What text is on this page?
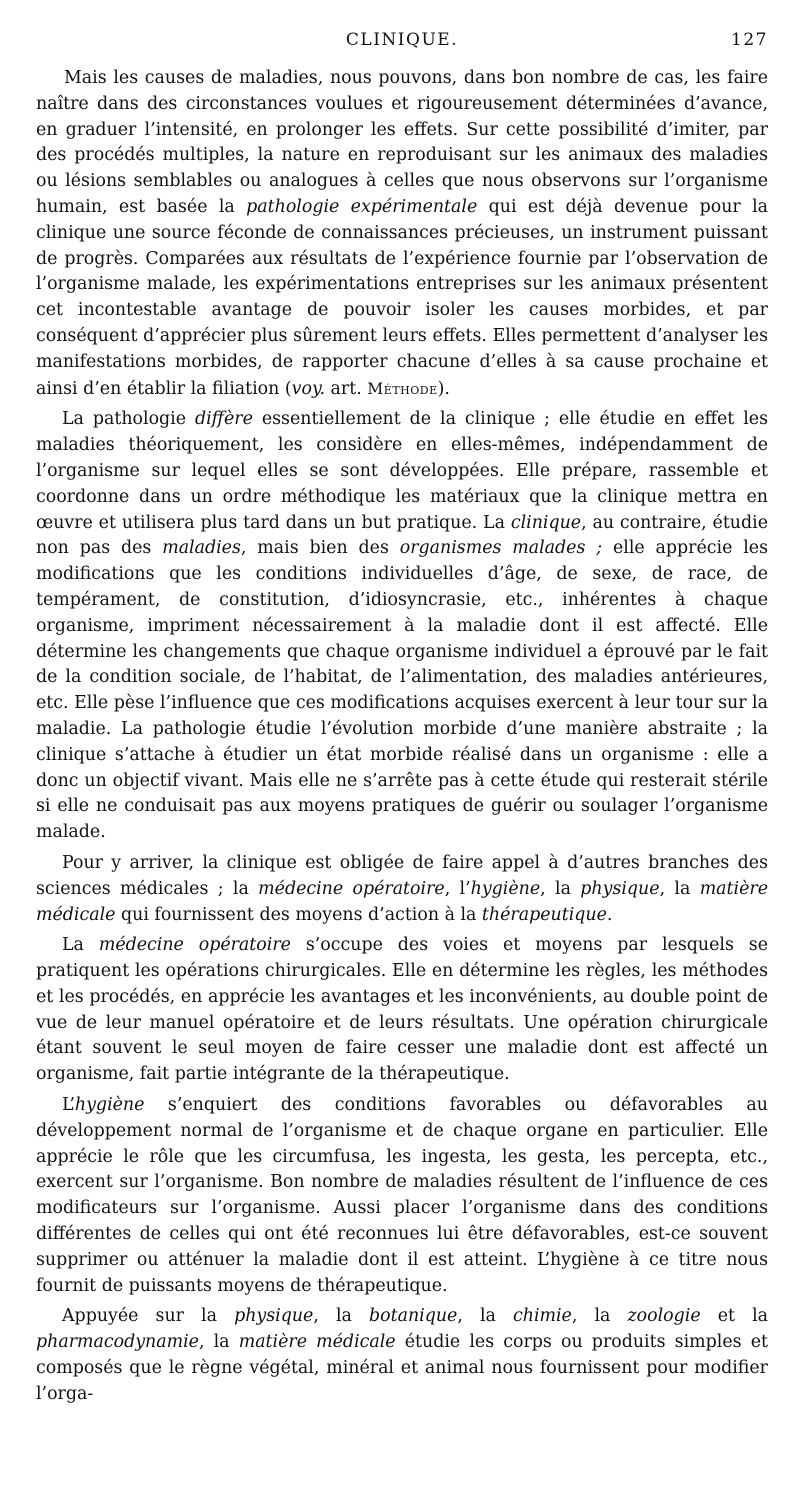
CLINIQUE.	127

Mais les causes de maladies, nous pouvons, dans bon nombre de cas, les faire naître dans des circonstances voulues et rigoureusement déterminées d’avance, en graduer l’intensité, en prolonger les effets. Sur cette possibilité d’imiter, par des procédés multiples, la nature en reproduisant sur les animaux des maladies ou lésions semblables ou analogues à celles que nous observons sur l’organisme humain, est basée la pathologie expérimentale qui est déjà devenue pour la clinique une source féconde de connaissances précieuses, un instrument puissant de progrès. Comparées aux résultats de l’expérience fournie par l’observation de l’organisme malade, les expérimentations entreprises sur les animaux présentent cet incontestable avantage de pouvoir isoler les causes morbides, et par conséquent d’apprécier plus sûrement leurs effets. Elles permettent d’analyser les manifestations morbides, de rapporter chacune d’elles à sa cause prochaine et ainsi d’en établir la filiation (voy. art. Méthode).

La pathologie diffère essentiellement de la clinique ; elle étudie en effet les maladies théoriquement, les considère en elles-mêmes, indépendamment de l’organisme sur lequel elles se sont développées. Elle prépare, rassemble et coordonne dans un ordre méthodique les matériaux que la clinique mettra en œuvre et utilisera plus tard dans un but pratique. La clinique, au contraire, étudie non pas des maladies, mais bien des organismes malades ; elle apprécie les modifications que les conditions individuelles d’âge, de sexe, de race, de tempérament, de constitution, d’idiosyncrasie, etc., inhérentes à chaque organisme, impriment nécessairement à la maladie dont il est affecté. Elle détermine les changements que chaque organisme individuel a éprouvé par le fait de la condition sociale, de l’habitat, de l’alimentation, des maladies antérieures, etc. Elle pèse l’influence que ces modifications acquises exercent à leur tour sur la maladie. La pathologie étudie l’évolution morbide d’une manière abstraite ; la clinique s’attache à étudier un état morbide réalisé dans un organisme : elle a donc un objectif vivant. Mais elle ne s’arrête pas à cette étude qui resterait stérile si elle ne conduisait pas aux moyens pratiques de guérir ou soulager l’organisme malade.

Pour y arriver, la clinique est obligée de faire appel à d’autres branches des sciences médicales ; la médecine opératoire, l’hygiène, la physique, la matière médicale qui fournissent des moyens d’action à la thérapeutique.

La médecine opératoire s’occupe des voies et moyens par lesquels se pratiquent les opérations chirurgicales. Elle en détermine les règles, les méthodes et les procédés, en apprécie les avantages et les inconvénients, au double point de vue de leur manuel opératoire et de leurs résultats. Une opération chirurgicale étant souvent le seul moyen de faire cesser une maladie dont est affecté un organisme, fait partie intégrante de la thérapeutique.

L’hygiène s’enquiert des conditions favorables ou défavorables au développement normal de l’organisme et de chaque organe en particulier. Elle apprécie le rôle que les circumfusa, les ingesta, les gesta, les percepta, etc., exercent sur l’organisme. Bon nombre de maladies résultent de l’influence de ces modificateurs sur l’organisme. Aussi placer l’organisme dans des conditions différentes de celles qui ont été reconnues lui être défavorables, est-ce souvent supprimer ou atténuer la maladie dont il est atteint. L’hygiène à ce titre nous fournit de puissants moyens de thérapeutique.

Appuyée sur la physique, la botanique, la chimie, la zoologie et la pharmacodynamie, la matière médicale étudie les corps ou produits simples et composés que le règne végétal, minéral et animal nous fournissent pour modifier l’orga-
